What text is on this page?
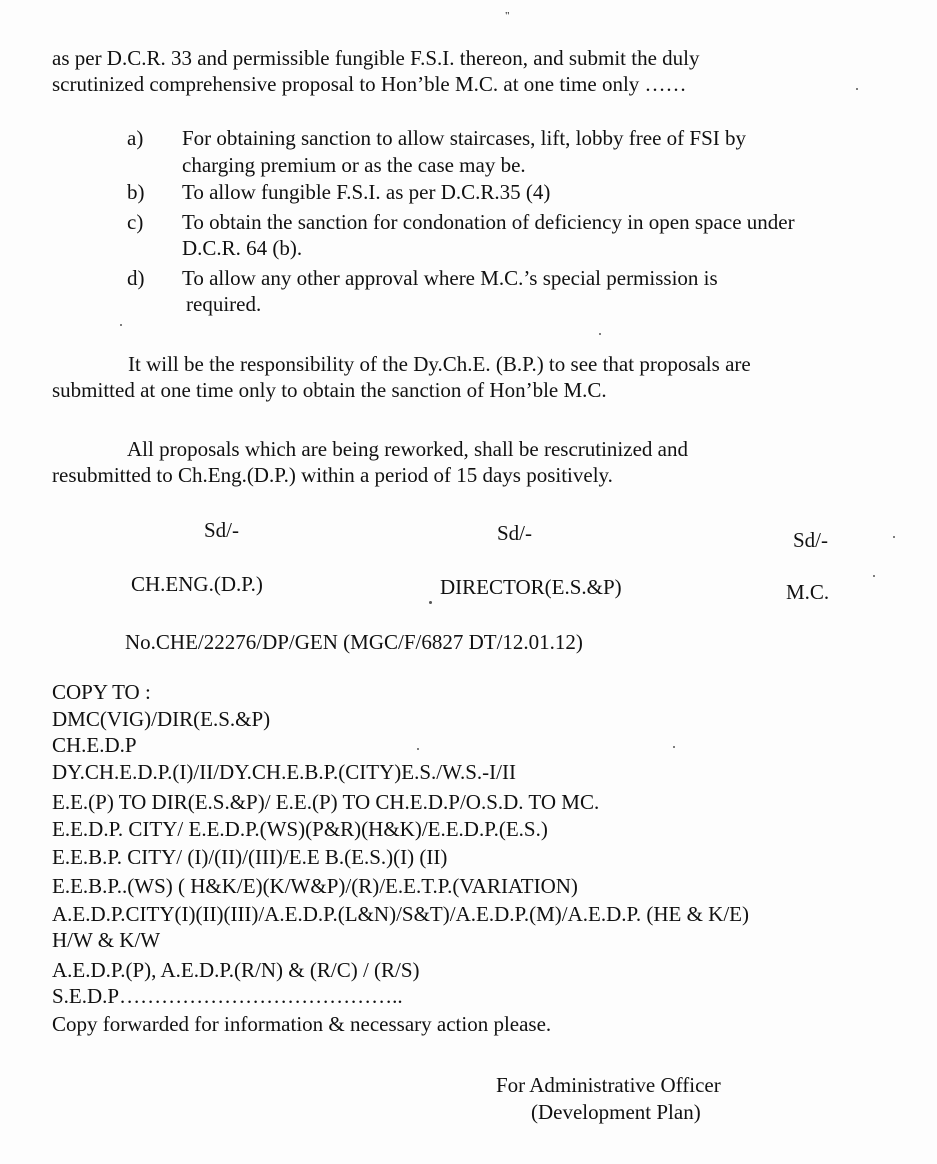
"
as per D.C.R. 33 and permissible fungible F.S.I. thereon, and submit the duly
scrutinized comprehensive proposal to Hon’ble M.C. at one time only ……
a)	For obtaining sanction to allow staircases, lift, lobby free of FSI by
charging premium or as the case may be.
b)	To allow fungible F.S.I. as per D.C.R.35 (4)
c)	To obtain the sanction for condonation of deficiency in open space under
D.C.R. 64 (b).
d)	To allow any other approval where M.C.’s special permission is
required.
It will be the responsibility of the Dy.Ch.E. (B.P.) to see that proposals are
submitted at one time only to obtain the sanction of Hon’ble M.C.
All proposals which are being reworked, shall be rescrutinized and
resubmitted to Ch.Eng.(D.P.) within a period of 15 days positively.
Sd/-	Sd/-	Sd/-
CH.ENG.(D.P.)	DIRECTOR(E.S.&P)	M.C.
No.CHE/22276/DP/GEN (MGC/F/6827 DT/12.01.12)
COPY TO :
DMC(VIG)/DIR(E.S.&P)
CH.E.D.P
DY.CH.E.D.P.(I)/II/DY.CH.E.B.P.(CITY)E.S./W.S.-I/II
E.E.(P) TO DIR(E.S.&P)/ E.E.(P) TO CH.E.D.P/O.S.D. TO MC.
E.E.D.P. CITY/ E.E.D.P.(WS)(P&R)(H&K)/E.E.D.P.(E.S.)
E.E.B.P. CITY/ (I)/(II)/(III)/E.E B.(E.S.)(I) (II)
E.E.B.P..(WS) ( H&K/E)(K/W&P)/(R)/E.E.T.P.(VARIATION)
A.E.D.P.CITY(I)(II)(III)/A.E.D.P.(L&N)/S&T)/A.E.D.P.(M)/A.E.D.P. (HE & K/E)
H/W & K/W
A.E.D.P.(P), A.E.D.P.(R/N) & (R/C) / (R/S)
S.E.D.P…………………………………..
Copy forwarded for information & necessary action please.
For Administrative Officer
(Development Plan)
